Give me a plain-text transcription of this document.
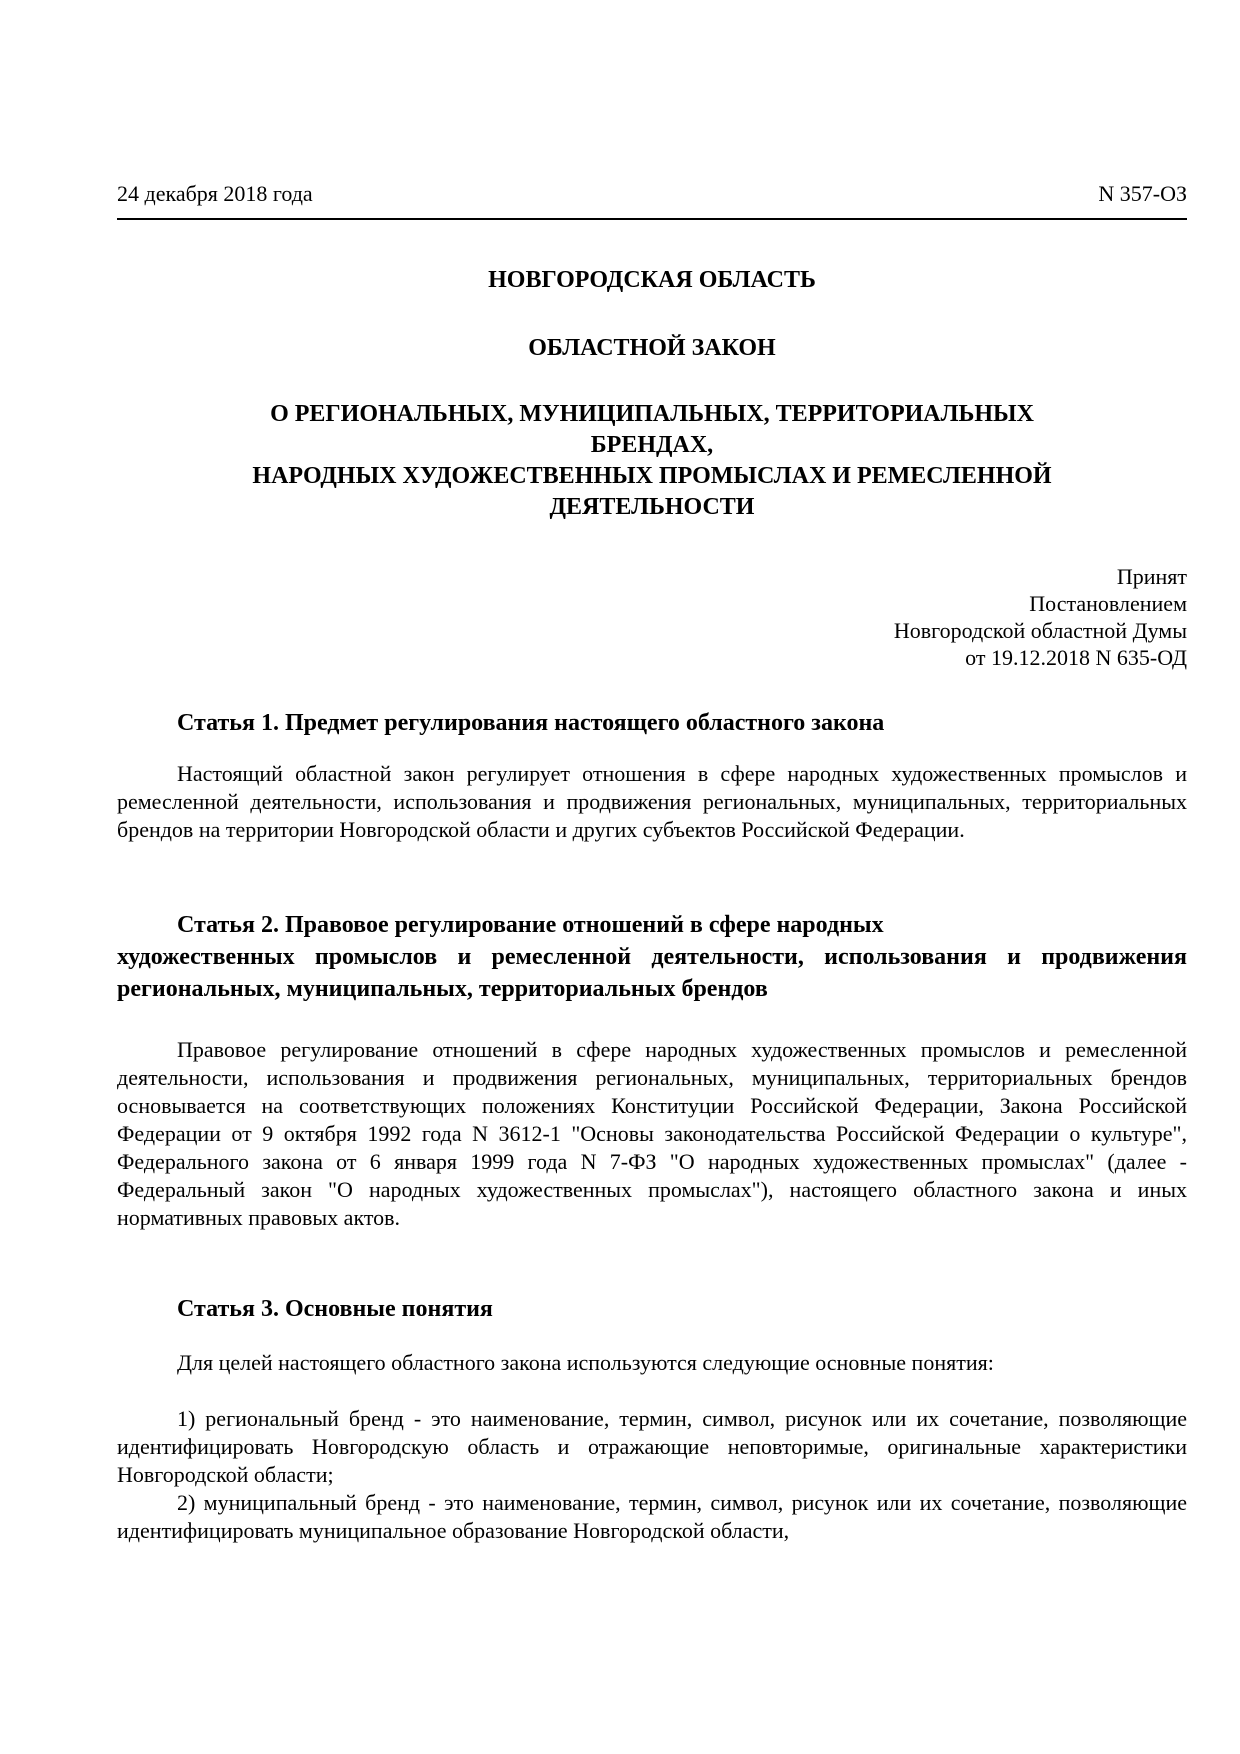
24 декабря 2018 года	N 357-ОЗ
НОВГОРОДСКАЯ ОБЛАСТЬ
ОБЛАСТНОЙ ЗАКОН
О РЕГИОНАЛЬНЫХ, МУНИЦИПАЛЬНЫХ, ТЕРРИТОРИАЛЬНЫХ
БРЕНДАХ,
НАРОДНЫХ ХУДОЖЕСТВЕННЫХ ПРОМЫСЛАХ И РЕМЕСЛЕННОЙ
ДЕЯТЕЛЬНОСТИ
Принят
Постановлением
Новгородской областной Думы
от 19.12.2018 N 635-ОД
Статья 1. Предмет регулирования настоящего областного закона
Настоящий областной закон регулирует отношения в сфере народных художественных промыслов и ремесленной деятельности, использования и продвижения региональных, муниципальных, территориальных брендов на территории Новгородской области и других субъектов Российской Федерации.
Статья 2. Правовое регулирование отношений в сфере народных
художественных промыслов и ремесленной деятельности, использования и продвижения региональных, муниципальных, территориальных брендов
Правовое регулирование отношений в сфере народных художественных промыслов и ремесленной деятельности, использования и продвижения региональных, муниципальных, территориальных брендов основывается на соответствующих положениях Конституции Российской Федерации, Закона Российской Федерации от 9 октября 1992 года N 3612-1 "Основы законодательства Российской Федерации о культуре", Федерального закона от 6 января 1999 года N 7-ФЗ "О народных художественных промыслах" (далее - Федеральный закон "О народных художественных промыслах"), настоящего областного закона и иных нормативных правовых актов.
Статья 3. Основные понятия
Для целей настоящего областного закона используются следующие основные понятия:
1) региональный бренд - это наименование, термин, символ, рисунок или их сочетание, позволяющие идентифицировать Новгородскую область и отражающие неповторимые, оригинальные характеристики Новгородской области;
2) муниципальный бренд - это наименование, термин, символ, рисунок или их сочетание, позволяющие идентифицировать муниципальное образование Новгородской области,
